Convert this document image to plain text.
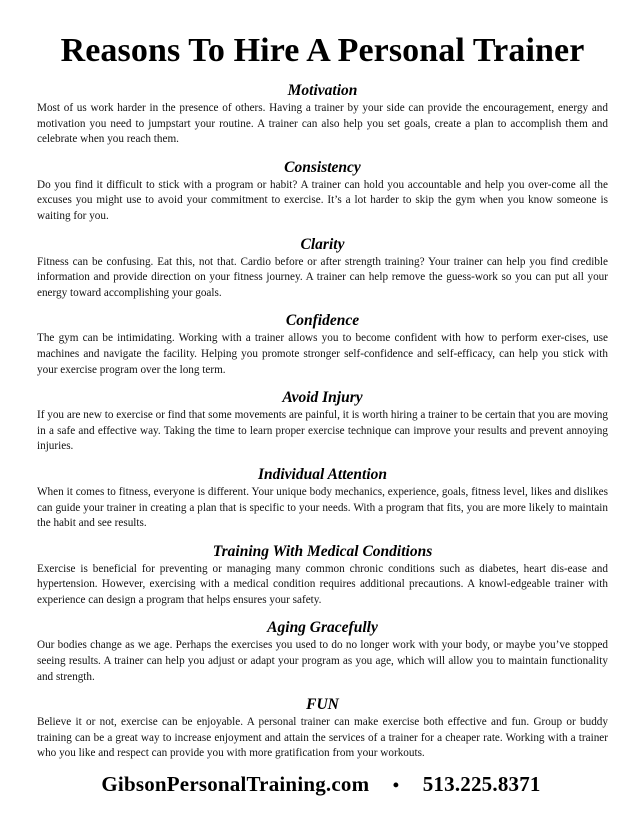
Reasons To Hire A Personal Trainer
Motivation

Most of us work harder in the presence of others. Having a trainer by your side can provide the encouragement, energy and motivation you need to jumpstart your routine. A trainer can also help you set goals, create a plan to accomplish them and celebrate when you reach them.

Consistency

Do you find it difficult to stick with a program or habit? A trainer can hold you accountable and help you over-come all the excuses you might use to avoid your commitment to exercise. It’s a lot harder to skip the gym when you know someone is waiting for you.

Clarity

Fitness can be confusing. Eat this, not that. Cardio before or after strength training? Your trainer can help you find credible information and provide direction on your fitness journey. A trainer can help remove the guess-work so you can put all your energy toward accomplishing your goals.

Confidence

The gym can be intimidating. Working with a trainer allows you to become confident with how to perform exer-cises, use machines and navigate the facility. Helping you promote stronger self-confidence and self-efficacy, can help you stick with your exercise program over the long term.

Avoid Injury

If you are new to exercise or find that some movements are painful, it is worth hiring a trainer to be certain that you are moving in a safe and effective way. Taking the time to learn proper exercise technique can improve your results and prevent annoying injuries.

Individual Attention

When it comes to fitness, everyone is different. Your unique body mechanics, experience, goals, fitness level, likes and dislikes can guide your trainer in creating a plan that is specific to your needs. With a program that fits, you are more likely to maintain the habit and see results.

Training With Medical Conditions

Exercise is beneficial for preventing or managing many common chronic conditions such as diabetes, heart dis-ease and hypertension. However, exercising with a medical condition requires additional precautions. A knowl-edgeable trainer with experience can design a program that helps ensures your safety.

Aging Gracefully

Our bodies change as we age. Perhaps the exercises you used to do no longer work with your body, or maybe you’ve stopped seeing results. A trainer can help you adjust or adapt your program as you age, which will allow you to maintain functionality and strength.

FUN

Believe it or not, exercise can be enjoyable. A personal trainer can make exercise both effective and fun. Group or buddy training can be a great way to increase enjoyment and attain the services of a trainer for a cheaper rate. Working with a trainer who you like and respect can provide you with more gratification from your workouts.

GibsonPersonalTraining.com • 513.225.8371
